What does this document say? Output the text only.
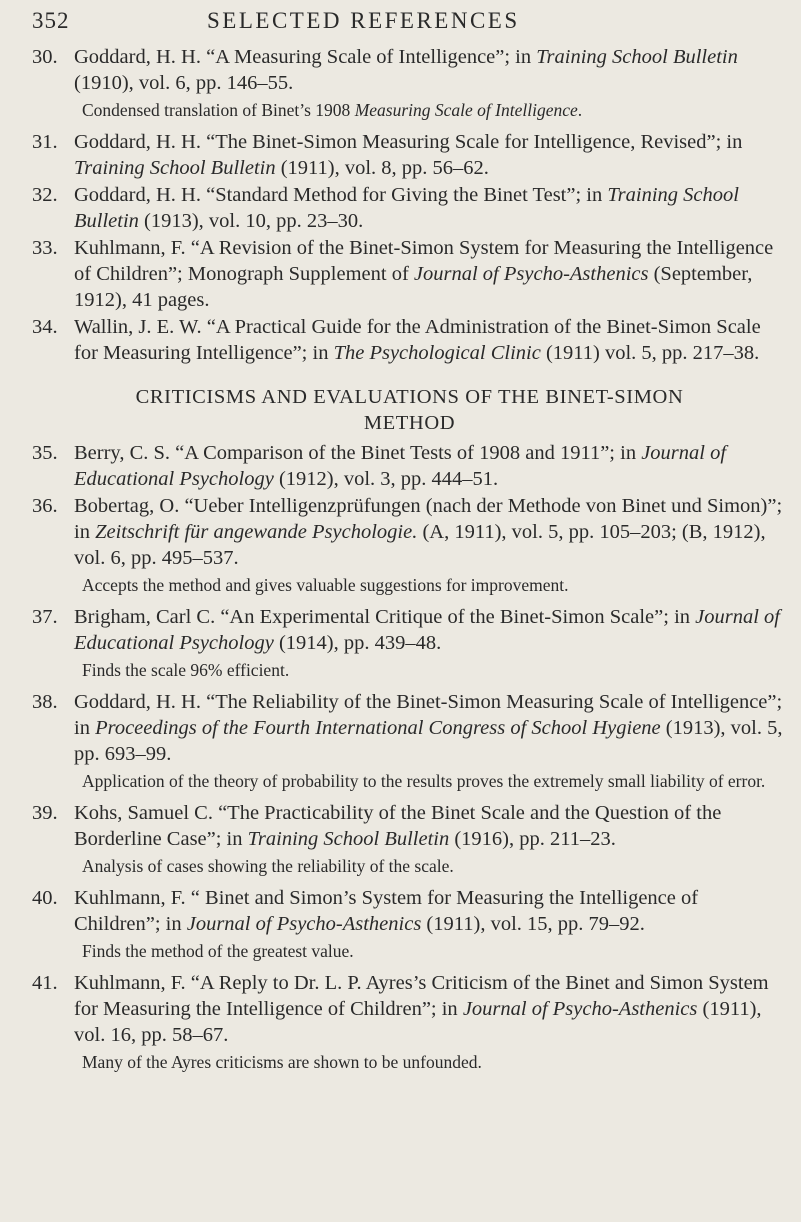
352	SELECTED REFERENCES
30. Goddard, H. H. “A Measuring Scale of Intelligence”; in Training School Bulletin (1910), vol. 6, pp. 146–55.
Condensed translation of Binet’s 1908 Measuring Scale of Intelligence.
31. Goddard, H. H. “The Binet-Simon Measuring Scale for Intelligence, Revised”; in Training School Bulletin (1911), vol. 8, pp. 56–62.
32. Goddard, H. H. “Standard Method for Giving the Binet Test”; in Training School Bulletin (1913), vol. 10, pp. 23–30.
33. Kuhlmann, F. “A Revision of the Binet-Simon System for Measuring the Intelligence of Children”; Monograph Supplement of Journal of Psycho-Asthenics (September, 1912), 41 pages.
34. Wallin, J. E. W. “A Practical Guide for the Administration of the Binet-Simon Scale for Measuring Intelligence”; in The Psychological Clinic (1911) vol. 5, pp. 217–38.
CRITICISMS AND EVALUATIONS OF THE BINET-SIMON
METHOD
35. Berry, C. S. “A Comparison of the Binet Tests of 1908 and 1911”; in Journal of Educational Psychology (1912), vol. 3, pp. 444–51.
36. Bobertag, O. “Ueber Intelligenzprüfungen (nach der Methode von Binet und Simon)”; in Zeitschrift für angewande Psychologie. (A, 1911), vol. 5, pp. 105–203; (B, 1912), vol. 6, pp. 495–537.
Accepts the method and gives valuable suggestions for improvement.
37. Brigham, Carl C. “An Experimental Critique of the Binet-Simon Scale”; in Journal of Educational Psychology (1914), pp. 439–48.
Finds the scale 96% efficient.
38. Goddard, H. H. “The Reliability of the Binet-Simon Measuring Scale of Intelligence”; in Proceedings of the Fourth International Congress of School Hygiene (1913), vol. 5, pp. 693–99.
Application of the theory of probability to the results proves the extremely small liability of error.
39. Kohs, Samuel C. “The Practicability of the Binet Scale and the Question of the Borderline Case”; in Training School Bulletin (1916), pp. 211–23.
Analysis of cases showing the reliability of the scale.
40. Kuhlmann, F. “ Binet and Simon’s System for Measuring the Intelligence of Children”; in Journal of Psycho-Asthenics (1911), vol. 15, pp. 79–92.
Finds the method of the greatest value.
41. Kuhlmann, F. “A Reply to Dr. L. P. Ayres’s Criticism of the Binet and Simon System for Measuring the Intelligence of Children”; in Journal of Psycho-Asthenics (1911), vol. 16, pp. 58–67.
Many of the Ayres criticisms are shown to be unfounded.
